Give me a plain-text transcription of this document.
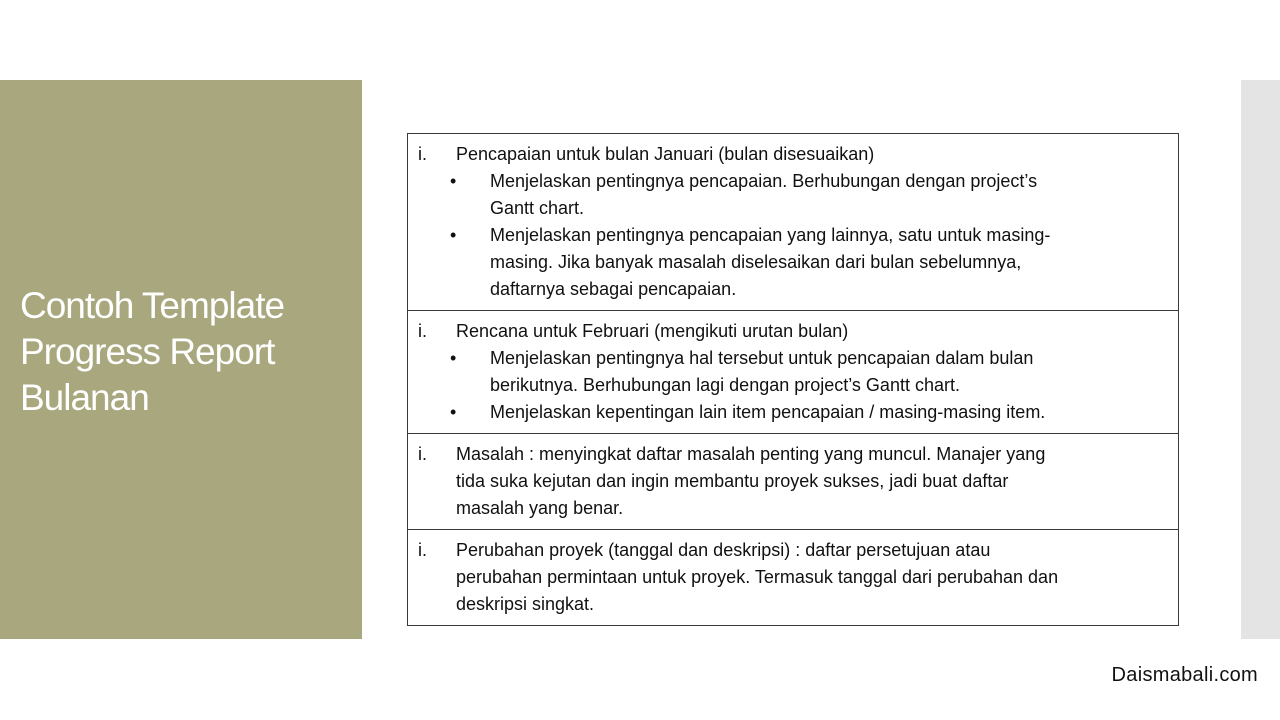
Contoh Template
Progress Report
Bulanan
i.	Pencapaian untuk bulan Januari (bulan disesuaikan)
•	Menjelaskan pentingnya pencapaian. Berhubungan dengan project’s
Gantt chart.
•	Menjelaskan pentingnya pencapaian yang lainnya, satu untuk masing-
masing. Jika banyak masalah diselesaikan dari bulan sebelumnya,
daftarnya sebagai pencapaian.

i.	Rencana untuk Februari (mengikuti urutan bulan)
•	Menjelaskan pentingnya hal tersebut untuk pencapaian dalam bulan
berikutnya. Berhubungan lagi dengan project’s Gantt chart.
•	Menjelaskan kepentingan lain item pencapaian / masing-masing item.

i.	Masalah : menyingkat daftar masalah penting yang muncul. Manajer yang
tida suka kejutan dan ingin membantu proyek sukses, jadi buat daftar
masalah yang benar.

i.	Perubahan proyek (tanggal dan deskripsi) : daftar persetujuan atau
perubahan permintaan untuk proyek. Termasuk tanggal dari perubahan dan
deskripsi singkat.
Daismabali.com
